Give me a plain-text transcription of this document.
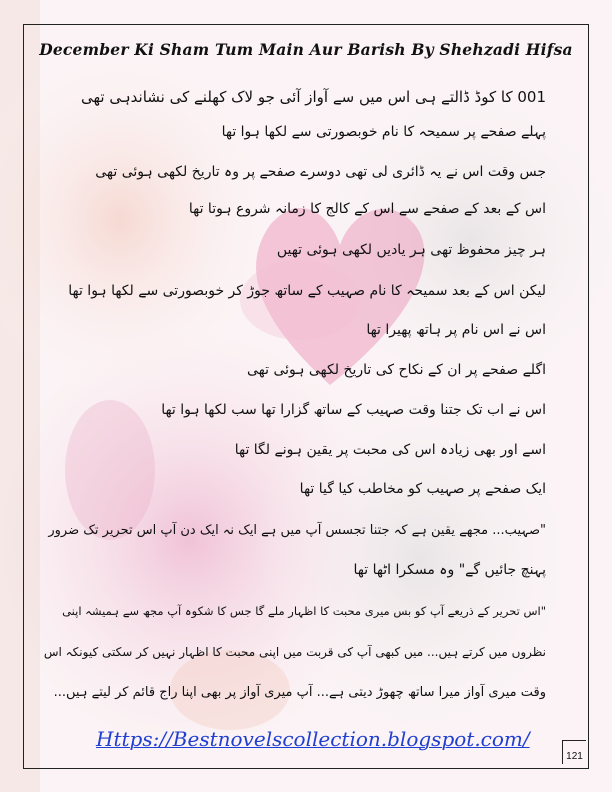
December Ki Sham Tum Main Aur Barish By Shehzadi Hifsa
001 کا کوڈ ڈالتے ہی اس میں سے آواز آئی جو لاک کھلنے کی نشاندہی تھی
پہلے صفحے پر سمیحہ کا نام خوبصورتی سے لکھا ہوا تھا
جس وقت اس نے یہ ڈائری لی تھی دوسرے صفحے پر وہ تاریخ لکھی ہوئی تھی
اس کے بعد کے صفحے سے اس کے کالج کا زمانہ شروع ہوتا تھا
ہر چیز محفوظ تھی ہر یادیں لکھی ہوئی تھیں
لیکن اس کے بعد سمیحہ کا نام صہیب کے ساتھ جوڑ کر خوبصورتی سے لکھا ہوا تھا
اس نے اس نام پر ہاتھ پھیرا تھا
اگلے صفحے پر ان کے نکاح کی تاریخ لکھی ہوئی تھی
اس نے اب تک جتنا وقت صہیب کے ساتھ گزارا تھا سب لکھا ہوا تھا
اسے اور بھی زیادہ اس کی محبت پر یقین ہونے لگا تھا
ایک صفحے پر صہیب کو مخاطب کیا گیا تھا
"صہیب... مجھے یقین ہے کہ جتنا تجسس آپ میں ہے ایک نہ ایک دن آپ اس تحریر تک ضرور
پہنچ جائیں گے" وہ مسکرا اٹھا تھا
"اس تحریر کے ذریعے آپ کو بس میری محبت کا اظہار ملے گا جس کا شکوہ آپ مجھ سے ہمیشہ اپنی
نظروں میں کرتے ہیں... میں کبھی آپ کی قربت میں اپنی محبت کا اظہار نہیں کر سکتی کیونکہ اس
وقت میری آواز میرا ساتھ چھوڑ دیتی ہے... آپ میری آواز پر بھی اپنا راج قائم کر لیتے ہیں...
Https://Bestnovelscollection.blogspot.com/
121
